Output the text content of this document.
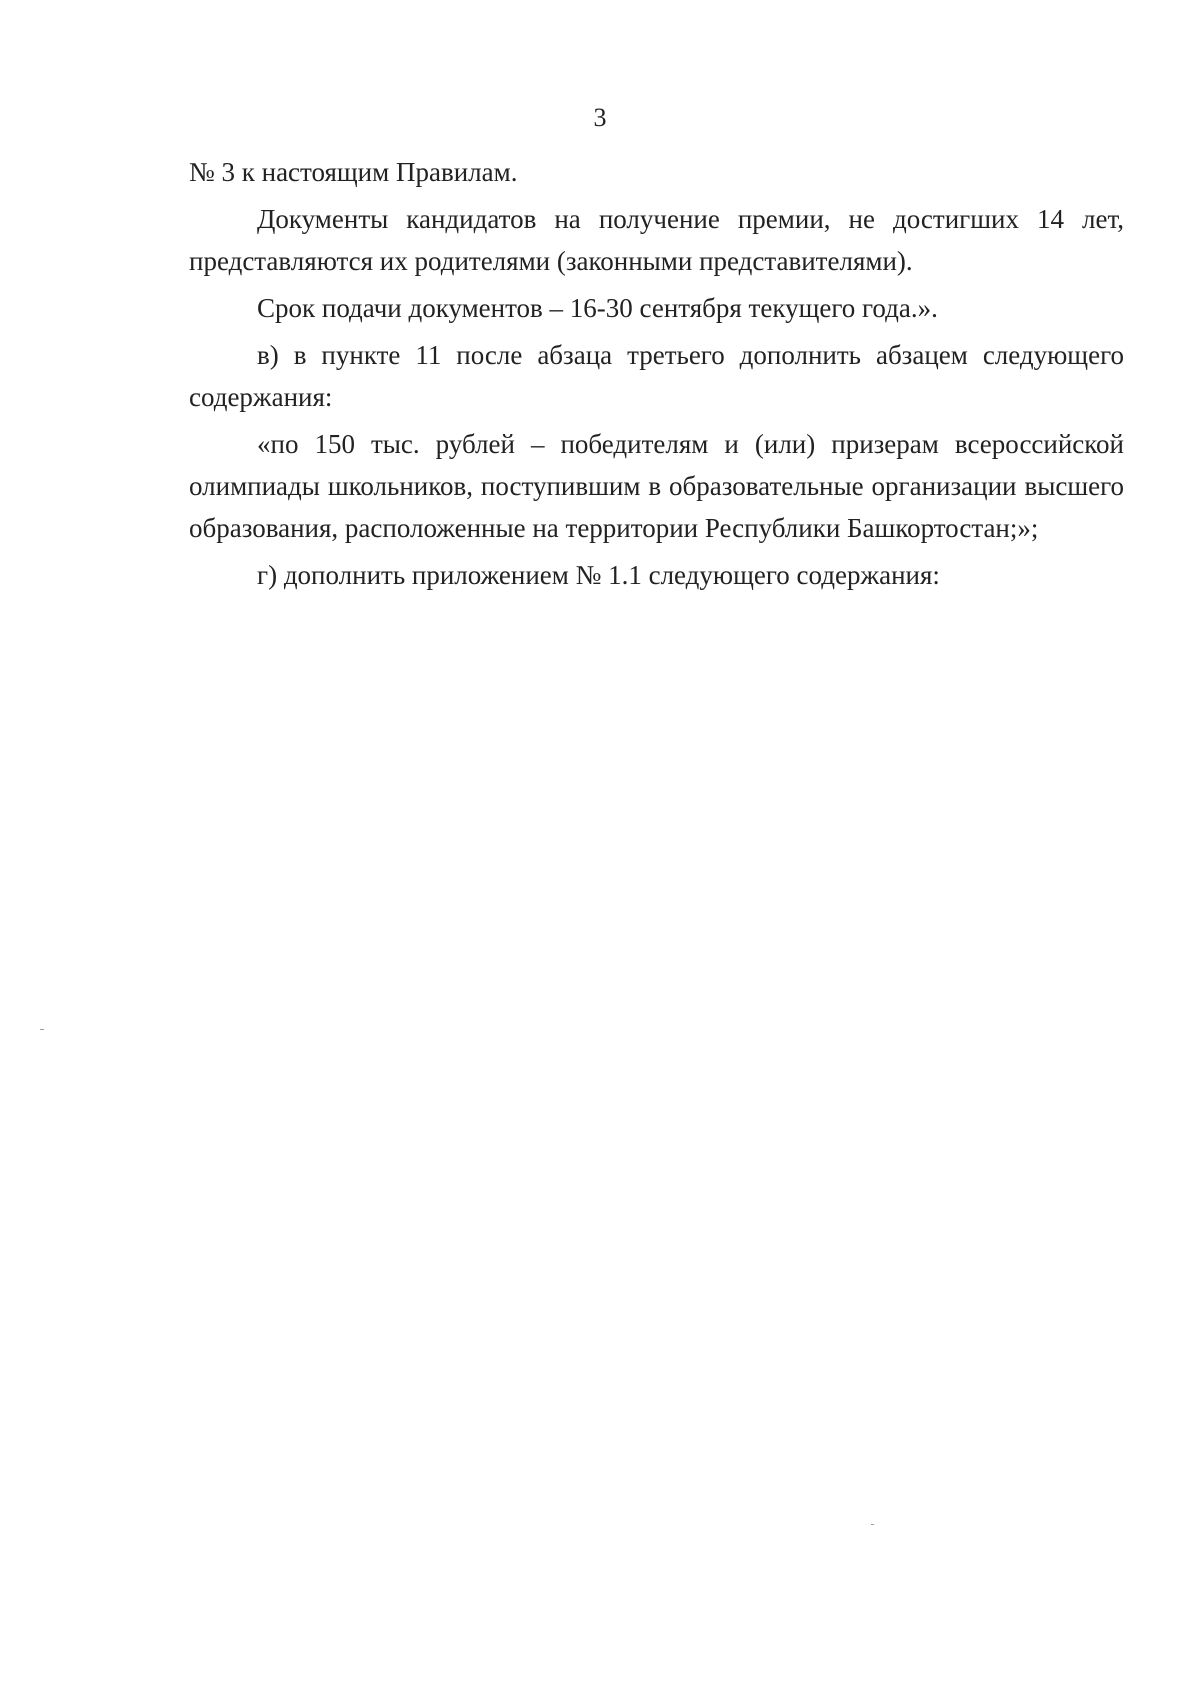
3

№ 3 к настоящим Правилам.

Документы кандидатов на получение премии, не достигших 14 лет, представляются их родителями (законными представителями).

Срок подачи документов – 16-30 сентября текущего года.».

в) в пункте 11 после абзаца третьего дополнить абзацем следующего содержания:

«по 150 тыс. рублей – победителям и (или) призерам всероссийской олимпиады школьников, поступившим в образовательные организации высшего образования, расположенные на территории Республики Башкортостан;»;

г) дополнить приложением № 1.1 следующего содержания:
